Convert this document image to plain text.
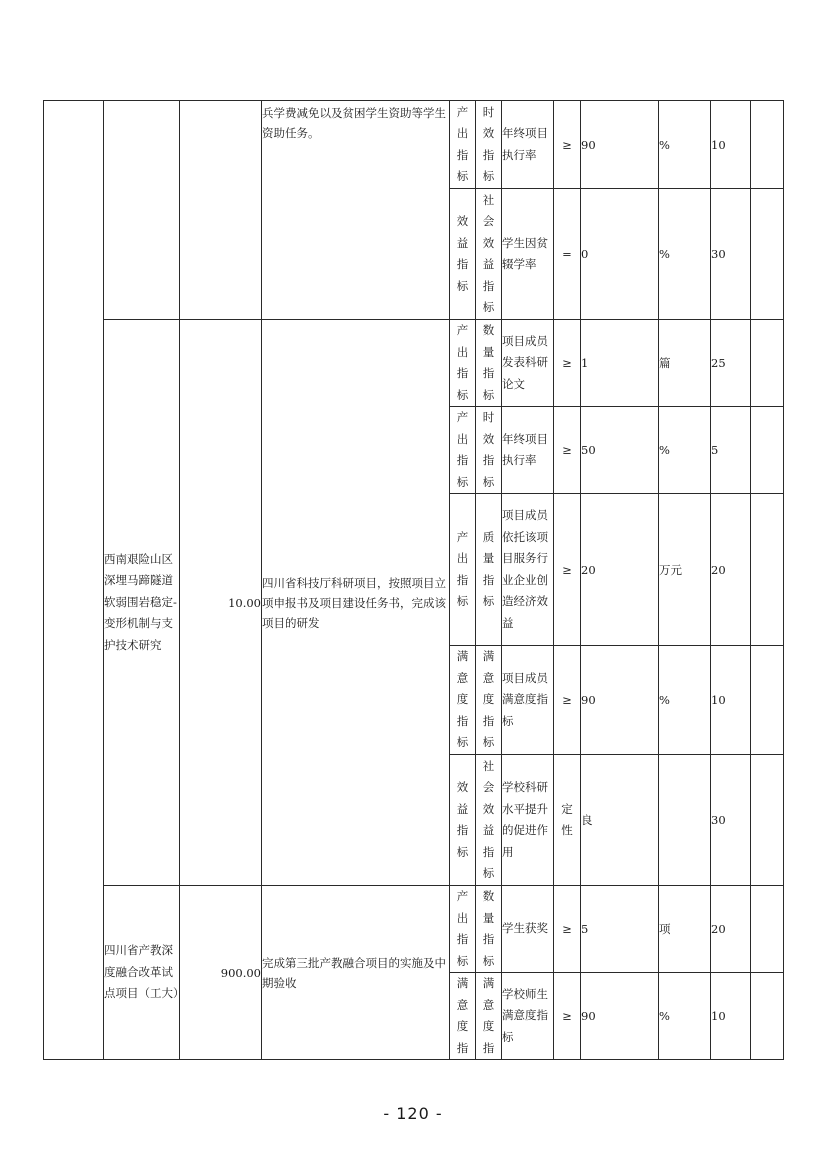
			兵学费减免以及贫困学生资助等学生资助任务。	产出指标	时效指标	年终项目执行率	≥	90	%	10	

				效益指标	社会效益指标	学生因贫辍学率	=	0	%	30	
	西南艰险山区深埋马蹄隧道软弱围岩稳定-变形机制与支护技术研究	10.00	四川省科技厅科研项目，按照项目立项申报书及项目建设任务书，完成该项目的研发	产出指标	数量指标	项目成员发表科研论文	≥	1	篇	25	

				产出指标	时效指标	年终项目执行率	≥	50	%	5	

				产出指标	质量指标	项目成员依托该项目服务行业企业创造经济效益	≥	20	万元	20	

				满意度指标	满意度指标	项目成员满意度指标	≥	90	%	10	

				效益指标	社会效益指标	学校科研水平提升的促进作用	定性	良		30	
	四川省产教深度融合改革试点项目（工大）	900.00	完成第三批产教融合项目的实施及中期验收	产出指标	数量指标	学生获奖	≥	5	项	20	

				满意度指	满意度指	学校师生满意度指标	≥	90	%	10	
- 120 -
